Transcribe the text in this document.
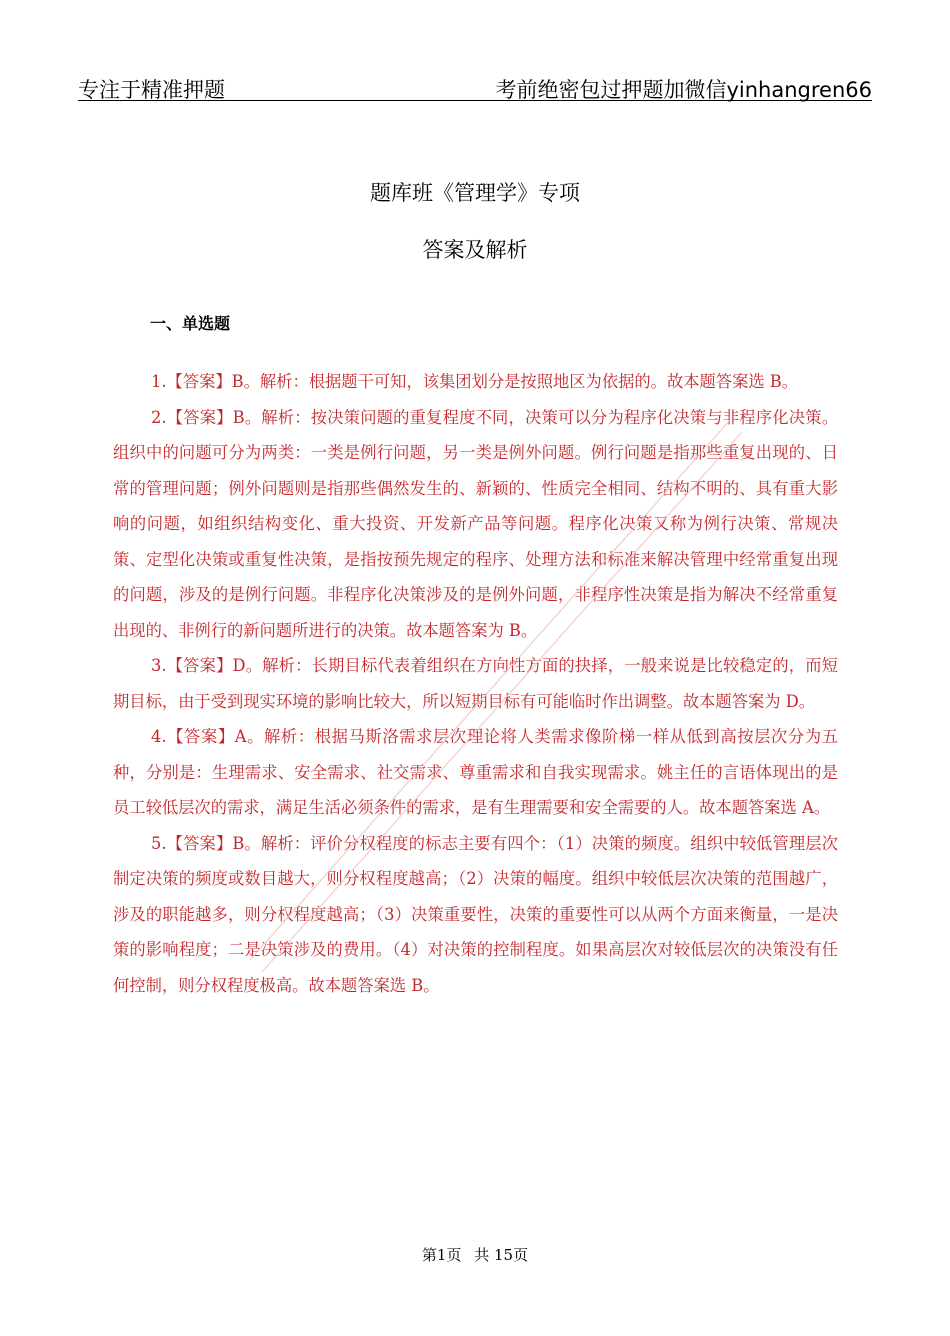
专注于精准押题	考前绝密包过押题加微信yinhangren66
题库班《管理学》专项
答案及解析
一、单选题

1.【答案】B。解析：根据题干可知，该集团划分是按照地区为依据的。故本题答案选 B。

2.【答案】B。解析：按决策问题的重复程度不同，决策可以分为程序化决策与非程序化决策。组织中的问题可分为两类：一类是例行问题，另一类是例外问题。例行问题是指那些重复出现的、日常的管理问题；例外问题则是指那些偶然发生的、新颖的、性质完全相同、结构不明的、具有重大影响的问题，如组织结构变化、重大投资、开发新产品等问题。程序化决策又称为例行决策、常规决策、定型化决策或重复性决策，是指按预先规定的程序、处理方法和标准来解决管理中经常重复出现的问题，涉及的是例行问题。非程序化决策涉及的是例外问题，非程序性决策是指为解决不经常重复出现的、非例行的新问题所进行的决策。故本题答案为 B。

3.【答案】D。解析：长期目标代表着组织在方向性方面的抉择，一般来说是比较稳定的，而短期目标，由于受到现实环境的影响比较大，所以短期目标有可能临时作出调整。故本题答案为 D。

4.【答案】A。解析：根据马斯洛需求层次理论将人类需求像阶梯一样从低到高按层次分为五种，分别是：生理需求、安全需求、社交需求、尊重需求和自我实现需求。姚主任的言语体现出的是员工较低层次的需求，满足生活必须条件的需求，是有生理需要和安全需要的人。故本题答案选 A。

5.【答案】B。解析：评价分权程度的标志主要有四个：（1）决策的频度。组织中较低管理层次制定决策的频度或数目越大，则分权程度越高；（2）决策的幅度。组织中较低层次决策的范围越广，涉及的职能越多，则分权程度越高；（3）决策重要性，决策的重要性可以从两个方面来衡量，一是决策的影响程度；二是决策涉及的费用。（4）对决策的控制程度。如果高层次对较低层次的决策没有任何控制，则分权程度极高。故本题答案选 B。

第1页 共 15页
